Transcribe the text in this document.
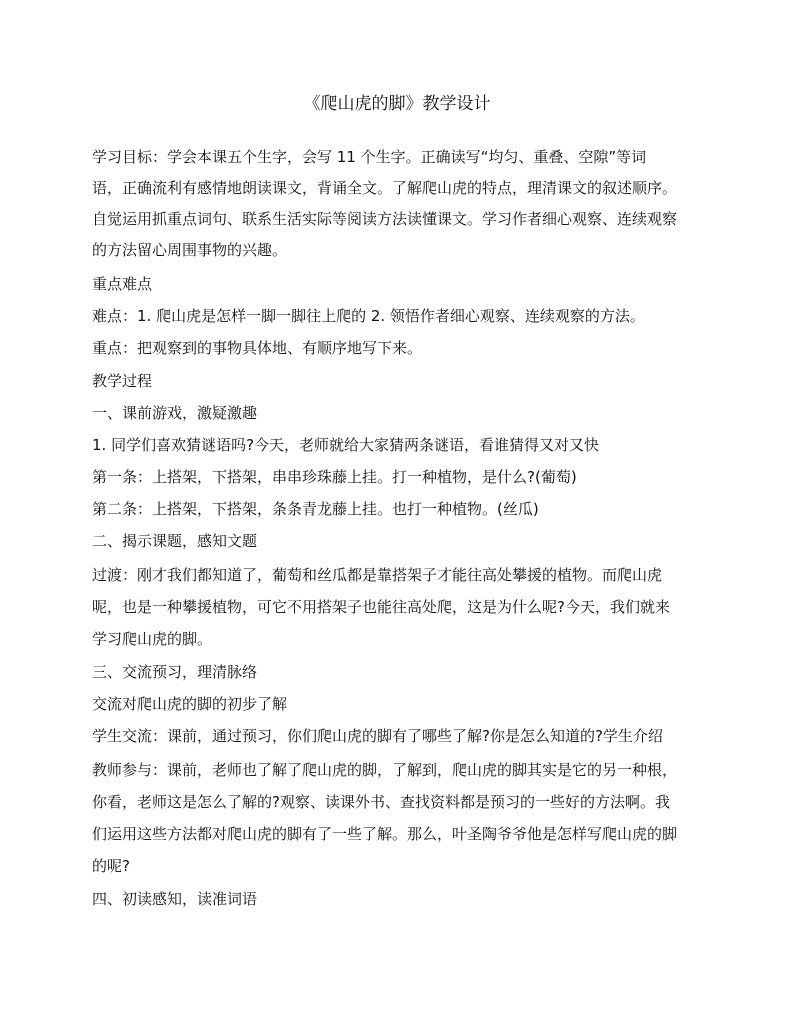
《爬山虎的脚》教学设计
学习目标：学会本课五个生字，会写 11 个生字。正确读写“均匀、重叠、空隙”等词
语，正确流利有感情地朗读课文，背诵全文。了解爬山虎的特点，理清课文的叙述顺序。
自觉运用抓重点词句、联系生活实际等阅读方法读懂课文。学习作者细心观察、连续观察
的方法留心周围事物的兴趣。
重点难点
难点：1. 爬山虎是怎样一脚一脚往上爬的 2. 领悟作者细心观察、连续观察的方法。
重点：把观察到的事物具体地、有顺序地写下来。
教学过程
一、课前游戏，激疑激趣
1. 同学们喜欢猜谜语吗?今天，老师就给大家猜两条谜语，看谁猜得又对又快
第一条：上搭架，下搭架，串串珍珠藤上挂。打一种植物，是什么?(葡萄)
第二条：上搭架，下搭架，条条青龙藤上挂。也打一种植物。(丝瓜)
二、揭示课题，感知文题
过渡：刚才我们都知道了，葡萄和丝瓜都是靠搭架子才能往高处攀援的植物。而爬山虎
呢，也是一种攀援植物，可它不用搭架子也能往高处爬，这是为什么呢?今天，我们就来
学习爬山虎的脚。
三、交流预习，理清脉络
交流对爬山虎的脚的初步了解
学生交流：课前，通过预习，你们爬山虎的脚有了哪些了解?你是怎么知道的?学生介绍
教师参与：课前，老师也了解了爬山虎的脚，了解到，爬山虎的脚其实是它的另一种根，
你看，老师这是怎么了解的?观察、读课外书、查找资料都是预习的一些好的方法啊。我
们运用这些方法都对爬山虎的脚有了一些了解。那么，叶圣陶爷爷他是怎样写爬山虎的脚
的呢?
四、初读感知，读准词语
